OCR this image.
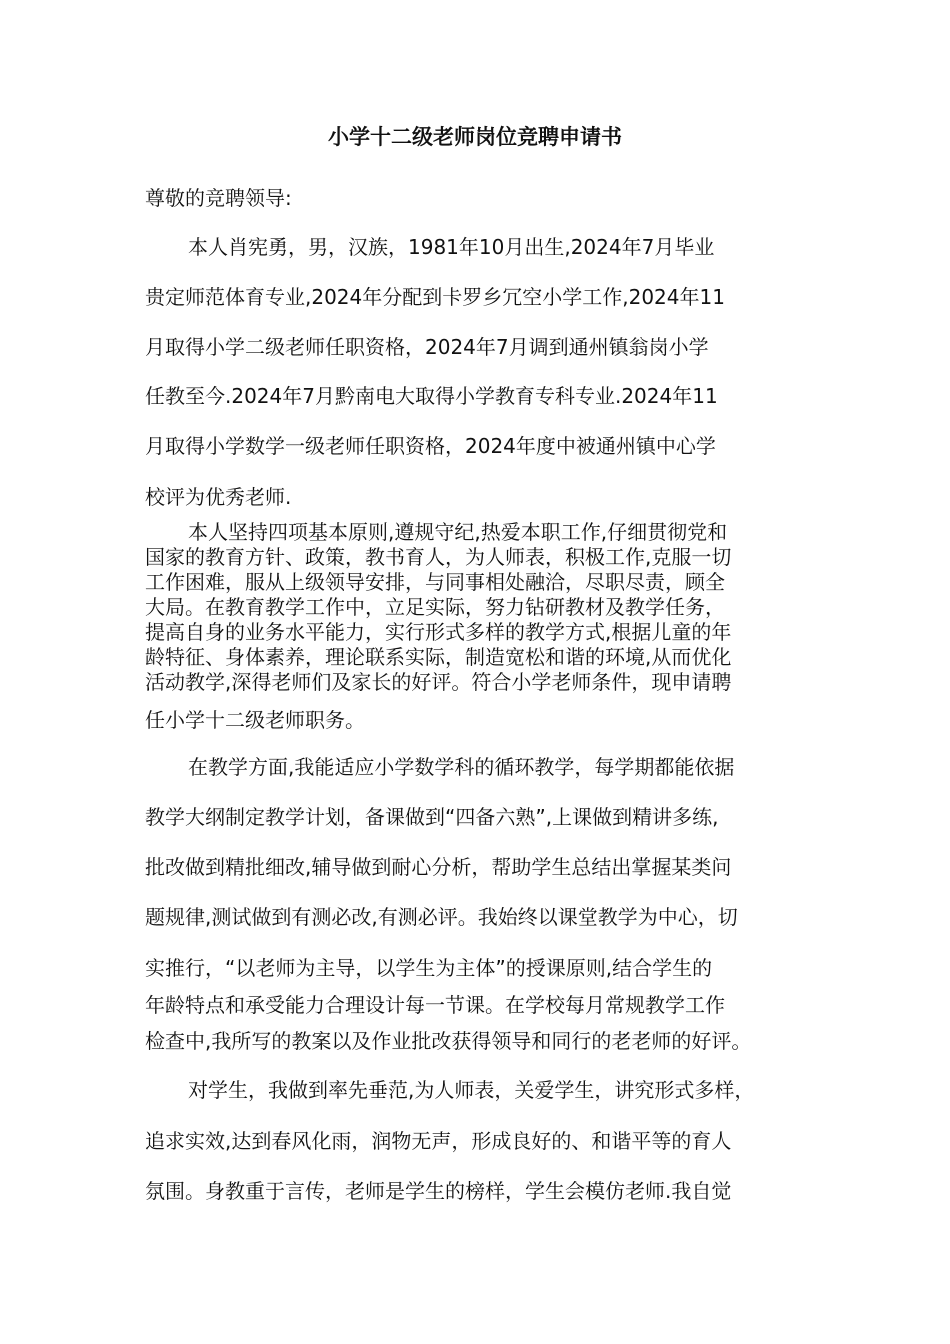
小学十二级老师岗位竞聘申请书
尊敬的竞聘领导:
本人肖宪勇，男，汉族，1981年10月出生,2024年7月毕业
贵定师范体育专业,2024年分配到卡罗乡冗空小学工作,2024年11
月取得小学二级老师任职资格，2024年7月调到通州镇翁岗小学
任教至今.2024年7月黔南电大取得小学教育专科专业.2024年11
月取得小学数学一级老师任职资格，2024年度中被通州镇中心学
校评为优秀老师.
本人坚持四项基本原则,遵规守纪,热爱本职工作,仔细贯彻党和
国家的教育方针、政策，教书育人，为人师表，积极工作,克服一切
工作困难，服从上级领导安排，与同事相处融洽，尽职尽责，顾全
大局。在教育教学工作中，立足实际，努力钻研教材及教学任务，
提高自身的业务水平能力，实行形式多样的教学方式,根据儿童的年
龄特征、身体素养，理论联系实际，制造宽松和谐的环境,从而优化
活动教学,深得老师们及家长的好评。符合小学老师条件，现申请聘
任小学十二级老师职务。
在教学方面,我能适应小学数学科的循环教学，每学期都能依据
教学大纲制定教学计划，备课做到“四备六熟”,上课做到精讲多练,
批改做到精批细改,辅导做到耐心分析，帮助学生总结出掌握某类问
题规律,测试做到有测必改,有测必评。我始终以课堂教学为中心，切
实推行，“以老师为主导，以学生为主体”的授课原则,结合学生的
年龄特点和承受能力合理设计每一节课。在学校每月常规教学工作
检查中,我所写的教案以及作业批改获得领导和同行的老老师的好评。
对学生，我做到率先垂范,为人师表，关爱学生，讲究形式多样，
追求实效,达到春风化雨，润物无声，形成良好的、和谐平等的育人
氛围。身教重于言传，老师是学生的榜样，学生会模仿老师.我自觉
